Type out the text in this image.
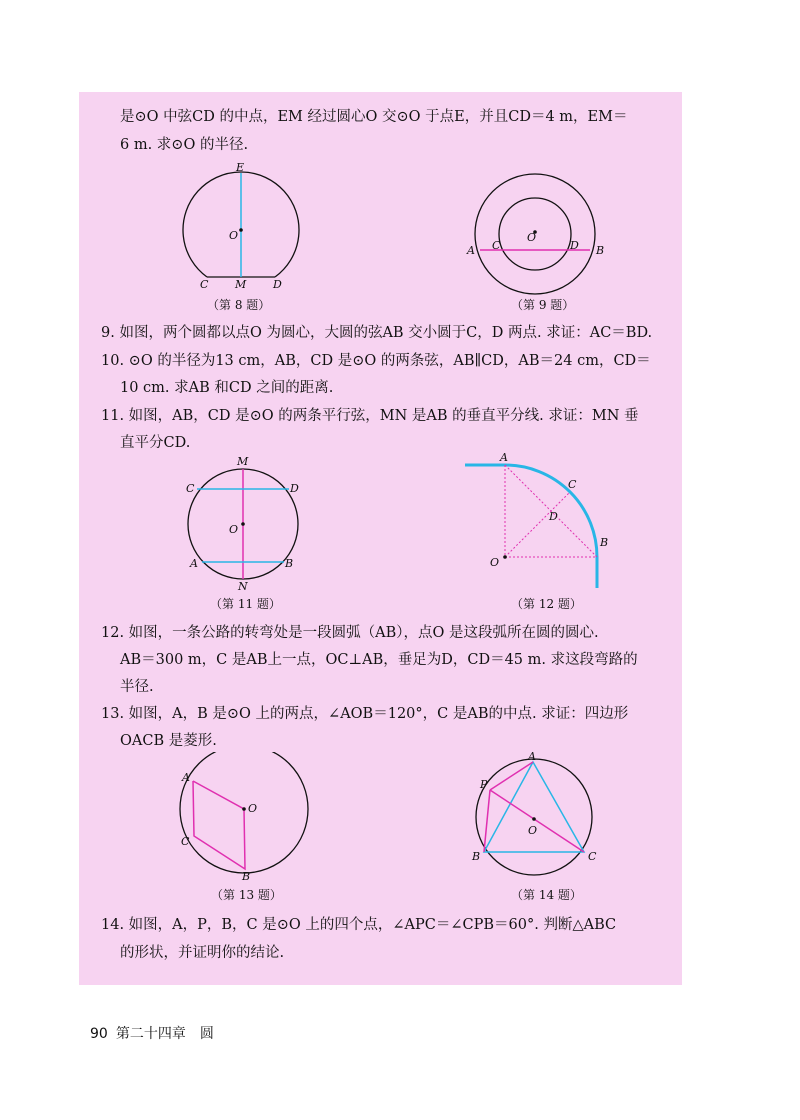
是⊙O 中弦CD 的中点，EM 经过圆心O 交⊙O 于点E，并且CD＝4 m，EM＝
6 m. 求⊙O 的半径.
E
O
C M D
（第 8 题）
O
A C	D B
（第 9 题）
9. 如图，两个圆都以点O 为圆心，大圆的弦AB 交小圆于C，D 两点. 求证：AC＝BD.
10. ⊙O 的半径为13 cm，AB，CD 是⊙O 的两条弦，AB∥CD，AB＝24 cm，CD＝
10 cm. 求AB 和CD 之间的距离.
11. 如图，AB，CD 是⊙O 的两条平行弦，MN 是AB 的垂直平分线. 求证：MN 垂
直平分CD.
M
O
C	D
A	B
N
（第 11 题）
A
C
D
B
O
（第 12 题）
12. 如图，一条公路的转弯处是一段圆弧（AB），点O 是这段弧所在圆的圆心.
AB＝300 m，C 是AB上一点，OC⊥AB，垂足为D，CD＝45 m. 求这段弯路的
半径.
13. 如图，A，B 是⊙O 上的两点，∠AOB＝120°，C 是AB的中点. 求证：四边形
OACB 是菱形.
O
A
C
B
（第 13 题）
O
A
P
B	C
（第 14 题）
14. 如图，A，P，B，C 是⊙O 上的四个点，∠APC＝∠CPB＝60°. 判断△ABC
的形状，并证明你的结论.
90 第二十四章　圆
